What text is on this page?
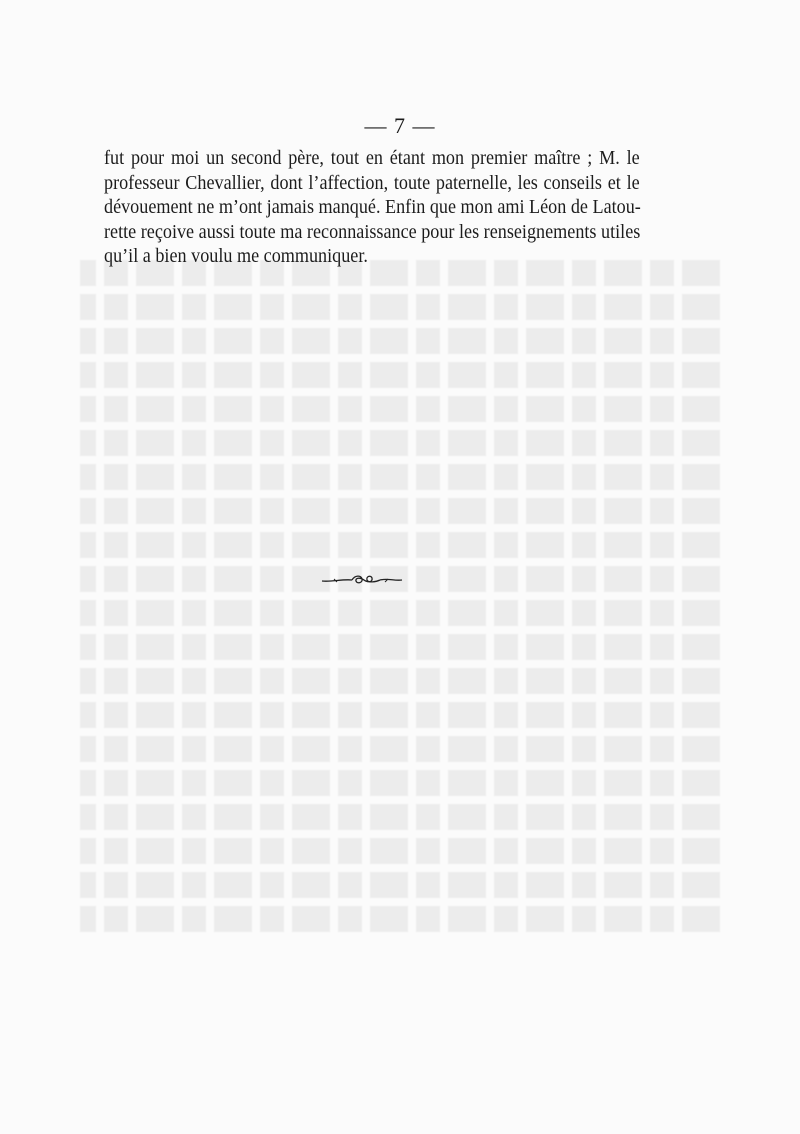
— 7 —
fut pour moi un second père, tout en étant mon premier maître ; M. le
professeur Chevallier, dont l’affection, toute paternelle, les conseils et le
dévouement ne m’ont jamais manqué. Enfin que mon ami Léon de Latou-
rette reçoive aussi toute ma reconnaissance pour les renseignements utiles
qu’il a bien voulu me communiquer.
